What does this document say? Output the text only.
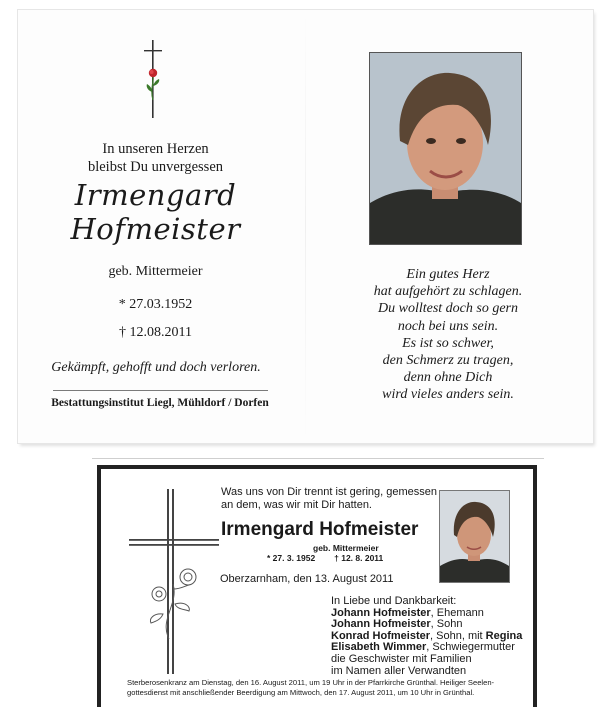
In unseren Herzen
bleibst Du unvergessen
Irmengard
Hofmeister
geb. Mittermeier
* 27.03.1952
† 12.08.2011
Gekämpft, gehofft und doch verloren.
Bestattungsinstitut Liegl, Mühldorf / Dorfen
Ein gutes Herz
hat aufgehört zu schlagen.
Du wolltest doch so gern
noch bei uns sein.
Es ist so schwer,
den Schmerz zu tragen,
denn ohne Dich
wird vieles anders sein.
Was uns von Dir trennt ist gering, gemessen an dem, was wir mit Dir hatten.
Irmengard Hofmeister
geb. Mittermeier
* 27. 3. 1952 † 12. 8. 2011
Oberzarnham, den 13. August 2011
In Liebe und Dankbarkeit:
Johann Hofmeister, Ehemann
Johann Hofmeister, Sohn
Konrad Hofmeister, Sohn, mit Regina
Elisabeth Wimmer, Schwiegermutter
die Geschwister mit Familien
im Namen aller Verwandten
Sterberosenkranz am Dienstag, den 16. August 2011, um 19 Uhr in der Pfarrkirche Grünthal. Heiliger Seelen-
gottesdienst mit anschließender Beerdigung am Mittwoch, den 17. August 2011, um 10 Uhr in Grünthal.
